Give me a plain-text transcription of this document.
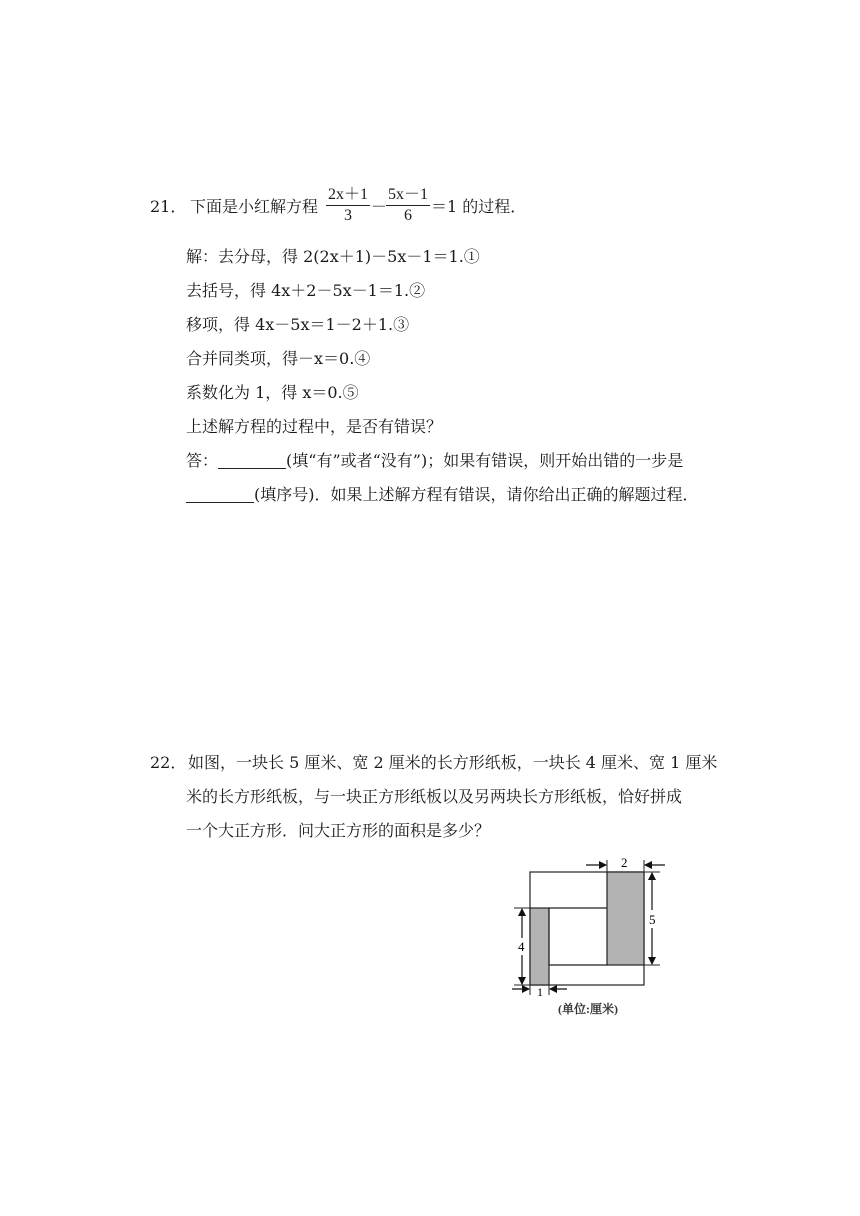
21． 下面是小红解方程
2x＋1
3	－
5x－1
6	＝1 的过程．
解：去分母，得 2(2x＋1)－5x－1＝1.①
去括号，得 4x＋2－5x－1＝1.②
移项，得 4x－5x＝1－2＋1.③
合并同类项，得－x＝0.④
系数化为 1，得 x＝0.⑤
上述解方程的过程中，是否有错误？
答：	(填“有”或者“没有”)；如果有错误，则开始出错的一步是
(填序号)．如果上述解方程有错误，请你给出正确的解题过程．
22． 如图，一块长 5 厘米、宽 2 厘米的长方形纸板，一块长 4 厘米、宽 1 厘米
米的长方形纸板，与一块正方形纸板以及另两块长方形纸板，恰好拼成
一个大正方形．问大正方形的面积是多少？
2
5
4
1
(单位:厘米)
